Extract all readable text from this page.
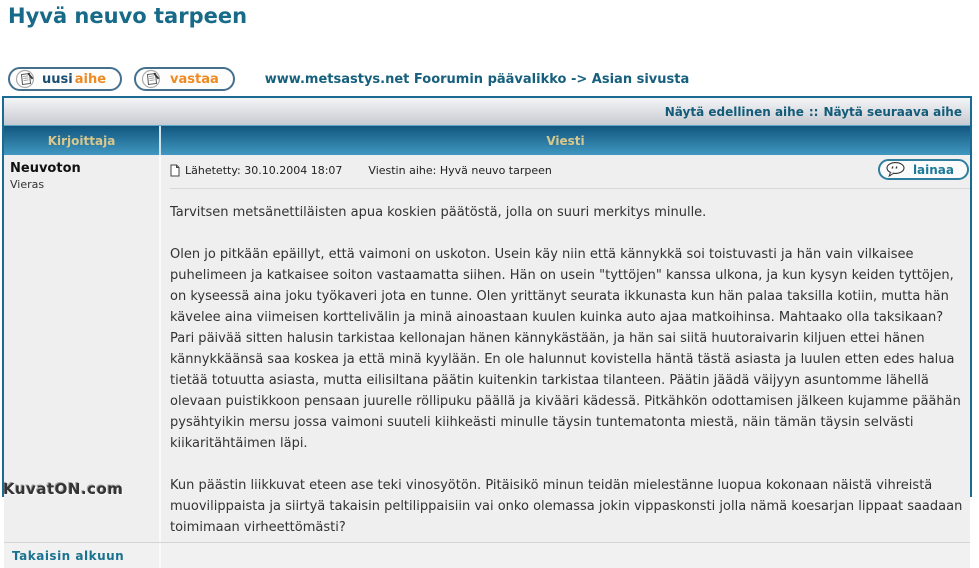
Hyvä neuvo tarpeen
uusi aihe	vastaa	www.metsastys.net Foorumin päävalikko -> Asian sivusta
Näytä edellinen aihe :: Näytä seuraava aihe
Kirjoittaja	Viesti
Neuvoton
Vieras
Lähetetty: 30.10.2004 18:07 Viestin aihe: Hyvä neuvo tarpeen	lainaa

Tarvitsen metsänettiläisten apua koskien päätöstä, jolla on suuri merkitys minulle.

Olen jo pitkään epäillyt, että vaimoni on uskoton. Usein käy niin että kännykkä soi toistuvasti ja hän vain vilkaisee puhelimeen ja katkaisee soiton vastaamatta siihen. Hän on usein "tyttöjen" kanssa ulkona, ja kun kysyn keiden tyttöjen, on kyseessä aina joku työkaveri jota en tunne. Olen yrittänyt seurata ikkunasta kun hän palaa taksilla kotiin, mutta hän kävelee aina viimeisen korttelivälin ja minä ainoastaan kuulen kuinka auto ajaa matkoihinsa. Mahtaako olla taksikaan? Pari päivää sitten halusin tarkistaa kellonajan hänen kännykästään, ja hän sai siitä huutoraivarin kiljuen ettei hänen kännykkäänsä saa koskea ja että minä kyylään. En ole halunnut kovistella häntä tästä asiasta ja luulen etten edes halua tietää totuutta asiasta, mutta eilisiltana päätin kuitenkin tarkistaa tilanteen. Päätin jäädä väijyyn asuntomme lähellä olevaan puistikkoon pensaan juurelle röllipuku päällä ja kivääri kädessä. Pitkähkön odottamisen jälkeen kujamme päähän pysähtyikin mersu jossa vaimoni suuteli kiihkeästi minulle täysin tuntematonta miestä, näin tämän täysin selvästi kiikaritähtäimen läpi.

Kun päästin liikkuvat eteen ase teki vinosyötön. Pitäisikö minun teidän mielestänne luopua kokonaan näistä vihreistä muovilippaista ja siirtyä takaisin peltilippaisiin vai onko olemassa jokin vippaskonsti jolla nämä koesarjan lippaat saadaan toimimaan virheettömästi?

Takaisin alkuun
KuvatON.com
